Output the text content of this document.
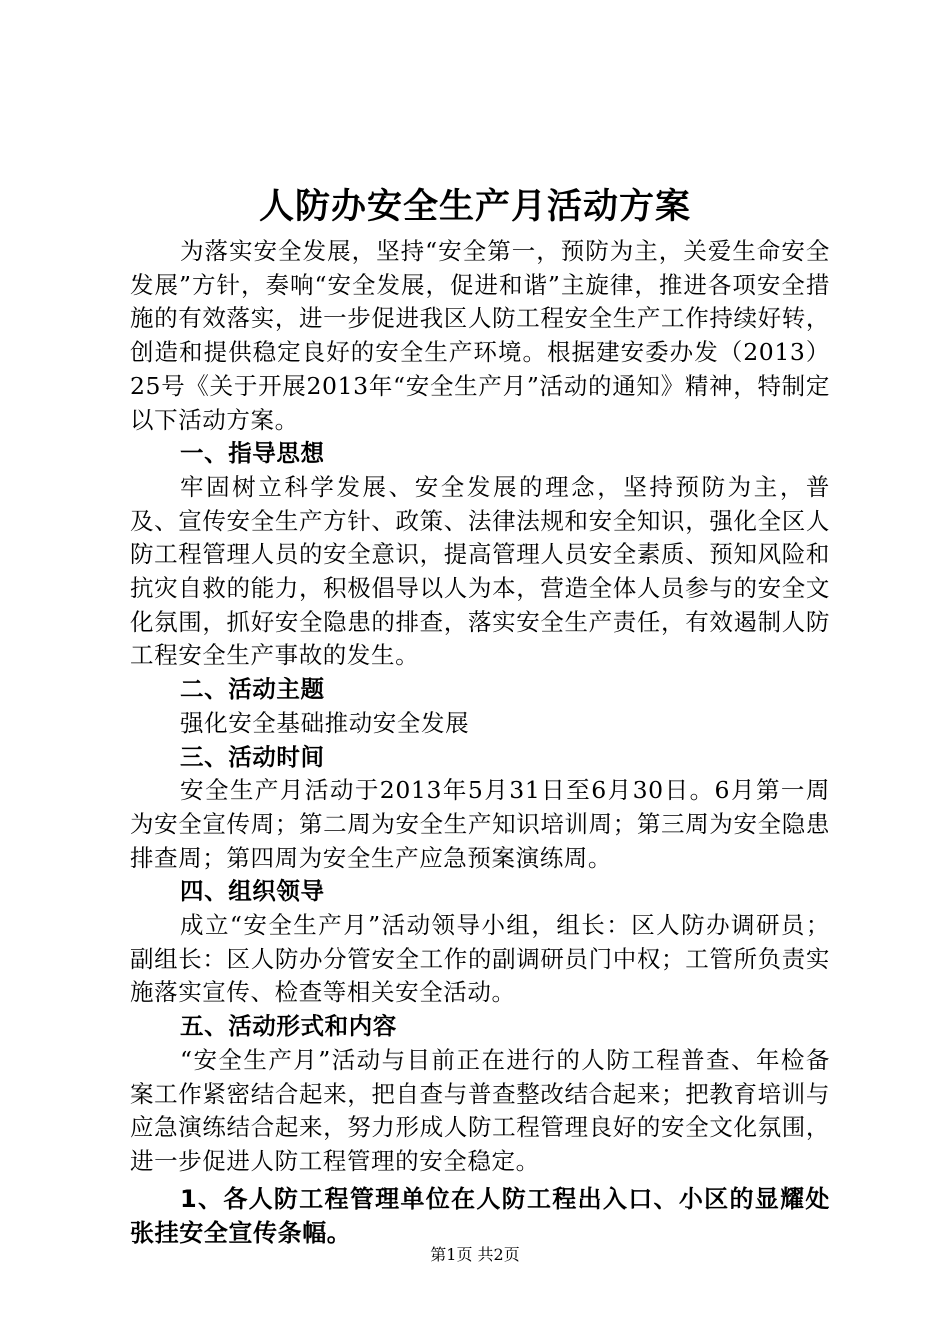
人防办安全生产月活动方案

为落实安全发展，坚持“安全第一，预防为主，关爱生命安全发展”方针，奏响“安全发展，促进和谐”主旋律，推进各项安全措施的有效落实，进一步促进我区人防工程安全生产工作持续好转，创造和提供稳定良好的安全生产环境。根据建安委办发（2013）25号《关于开展2013年“安全生产月”活动的通知》精神，特制定以下活动方案。

一、指导思想

牢固树立科学发展、安全发展的理念，坚持预防为主，普及、宣传安全生产方针、政策、法律法规和安全知识，强化全区人防工程管理人员的安全意识，提高管理人员安全素质、预知风险和抗灾自救的能力，积极倡导以人为本，营造全体人员参与的安全文化氛围，抓好安全隐患的排查，落实安全生产责任，有效遏制人防工程安全生产事故的发生。

二、活动主题

强化安全基础推动安全发展

三、活动时间

安全生产月活动于2013年5月31日至6月30日。6月第一周为安全宣传周；第二周为安全生产知识培训周；第三周为安全隐患排查周；第四周为安全生产应急预案演练周。

四、组织领导

成立“安全生产月”活动领导小组，组长：区人防办调研员；副组长：区人防办分管安全工作的副调研员门中权；工管所负责实施落实宣传、检查等相关安全活动。

五、活动形式和内容

“安全生产月”活动与目前正在进行的人防工程普查、年检备案工作紧密结合起来，把自查与普查整改结合起来；把教育培训与应急演练结合起来，努力形成人防工程管理良好的安全文化氛围，进一步促进人防工程管理的安全稳定。

1、各人防工程管理单位在人防工程出入口、小区的显耀处张挂安全宣传条幅。

第1页 共2页
